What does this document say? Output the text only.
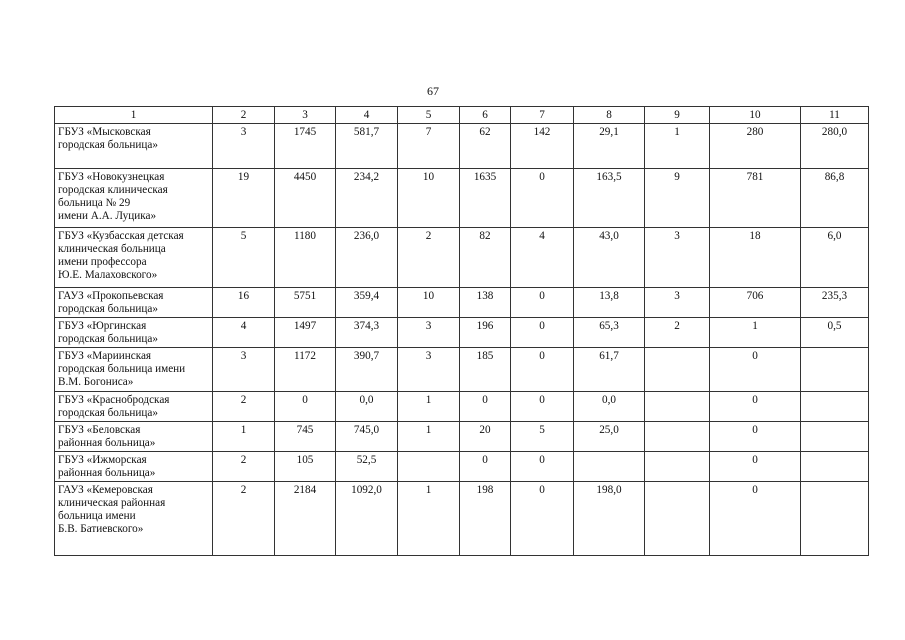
67
1	2	3	4	5	6	7	8	9	10	11

ГБУЗ «Мысковская
городская больница»	3	1745	581,7	7	62	142	29,1	1	280	280,0

ГБУЗ «Новокузнецкая
городская клиническая
больница № 29
имени А.А. Луцика»	19	4450	234,2	10	1635	0	163,5	9	781	86,8

ГБУЗ «Кузбасская детская
клиническая больница
имени профессора
Ю.Е. Малаховского»	5	1180	236,0	2	82	4	43,0	3	18	6,0

ГАУЗ «Прокопьевская
городская больница»	16	5751	359,4	10	138	0	13,8	3	706	235,3

ГБУЗ «Юргинская
городская больница»	4	1497	374,3	3	196	0	65,3	2	1	0,5

ГБУЗ «Мариинская
городская больница имени
В.М. Богониса»	3	1172	390,7	3	185	0	61,7		0	

ГБУЗ «Краснобродская
городская больница»	2	0	0,0	1	0	0	0,0		0	

ГБУЗ «Беловская
районная больница»	1	745	745,0	1	20	5	25,0		0	

ГБУЗ «Ижморская
районная больница»	2	105	52,5		0	0			0	

ГАУЗ «Кемеровская
клиническая районная
больница имени
Б.В. Батиевского»	2	2184	1092,0	1	198	0	198,0		0	
